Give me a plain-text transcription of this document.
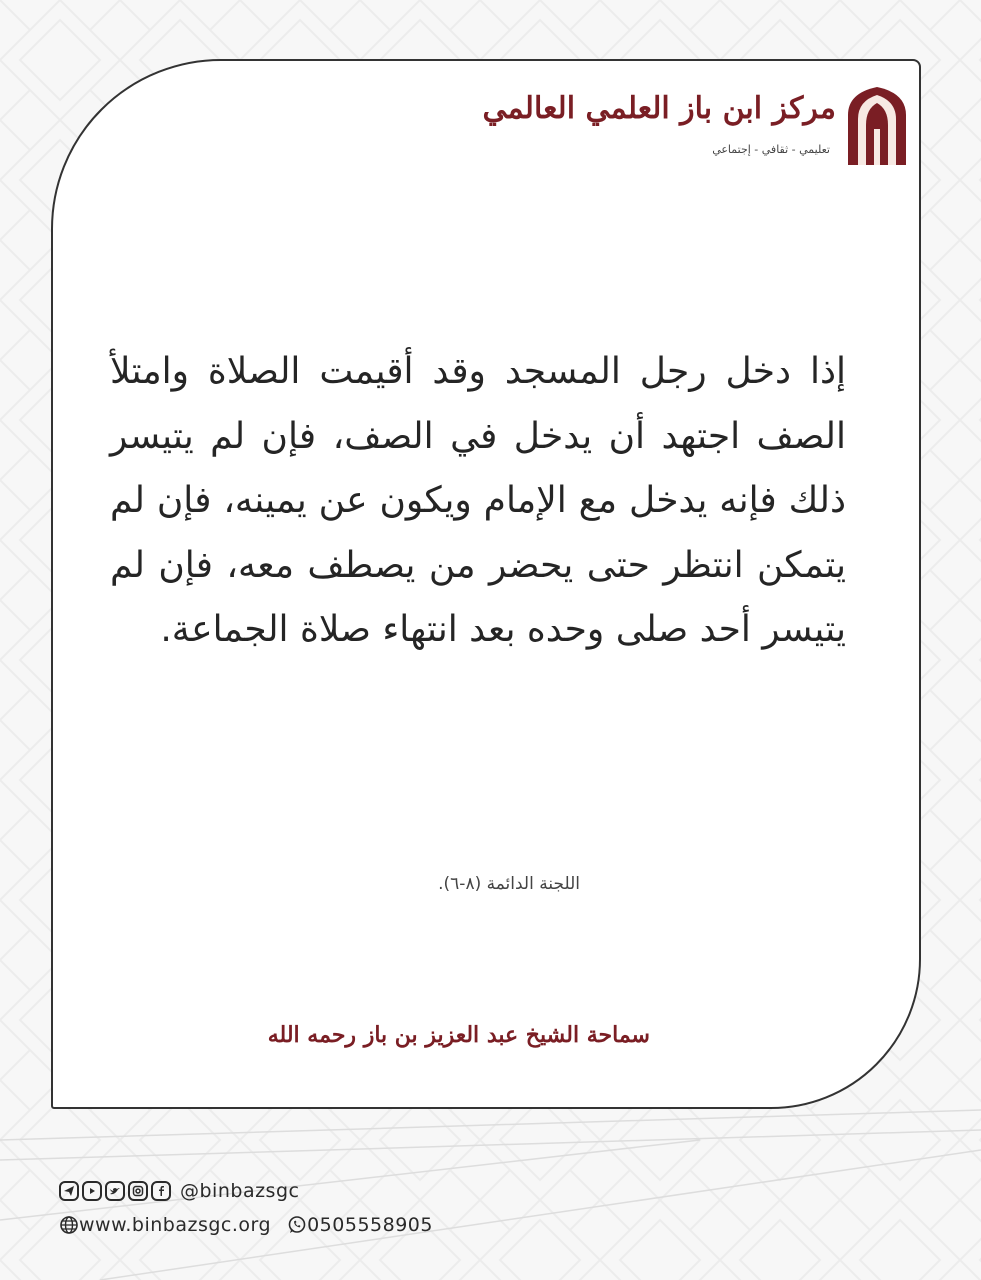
مركز ابن باز العلمي العالمي
تعليمي - ثقافي - إجتماعي

إذا دخل رجل المسجد وقد أقيمت الصلاة وامتلأ الصف اجتهد أن يدخل في الصف، فإن لم يتيسر ذلك فإنه يدخل مع الإمام ويكون عن يمينه، فإن لم يتمكن انتظر حتى يحضر من يصطف معه، فإن لم يتيسر أحد صلى وحده بعد انتهاء صلاة الجماعة.

اللجنة الدائمة (٨-٦).
سماحة الشيخ عبد العزيز بن باز رحمه الله
@binbazsgc
www.binbazsgc.org 0505558905
